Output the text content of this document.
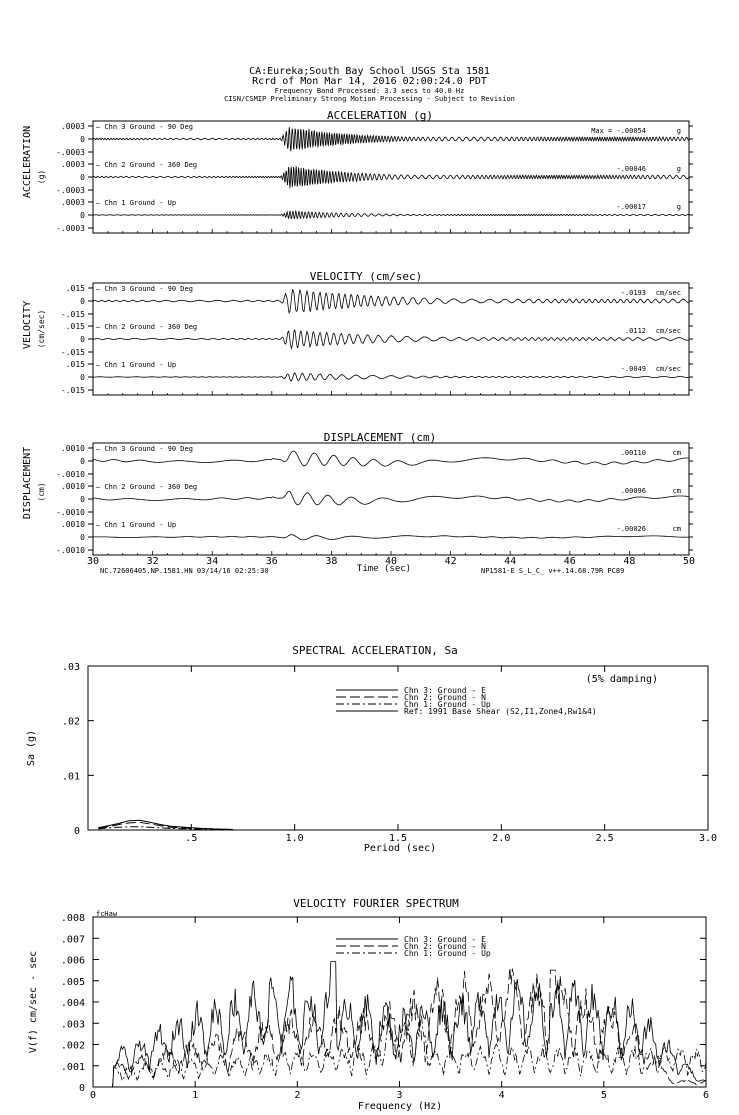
CA:Eureka;South Bay School USGS Sta 1581
Rcrd of Mon Mar 14, 2016 02:00:24.0 PDT
Frequency Band Processed: 3.3 secs to 40.0 Hz
CISN/CSMIP Preliminary Strong Motion Processing - Subject to Revision
ACCELERATION (g)
ACCELERATION (g)
.0003
0
-.0003
— Chn 3 Ground - 90 Deg	Max = -.00054	g
.0003
0
-.0003
— Chn 2 Ground - 360 Deg	-.00046	g
.0003
0
-.0003
— Chn 1 Ground - Up	-.00017	g
VELOCITY (cm/sec)
VELOCITY (cm/sec)
.015
0
-.015
— Chn 3 Ground - 90 Deg	-.0193 cm/sec
.015
0
-.015
— Chn 2 Ground - 360 Deg	.0112 cm/sec
.015
0
-.015
— Chn 1 Ground - Up	-.0049 cm/sec
DISPLACEMENT (cm)
DISPLACEMENT (cm)
.0010
0
-.0010
— Chn 3 Ground - 90 Deg	.00110	cm
.0010
0
-.0010
— Chn 2 Ground - 360 Deg	.00096	cm
.0010
0
-.0010
— Chn 1 Ground - Up	-.00026	cm
30	32	34	36	38	40	42	44	46	48	50
Time (sec)
NC.72606405.NP.1581.HN 03/14/16 02:25:30	NP1581-E S_L_C_ v++.14.68.79R PC89
SPECTRAL ACCELERATION, Sa
Sa (g)
Period (sec)
(5% damping)
.5	1.0	1.5	2.0	2.5	3.0
.03
.02
.01
0
Chn 3: Ground - E
Chn 2: Ground - N
Chn 1: Ground - Up
Ref: 1991 Base Shear (S2,I1,Zone4,Rw1&4)
VELOCITY FOURIER SPECTRUM
V(f) cm/sec - sec
Frequency (Hz)
fcHaw
0	1	2	3	4	5	6
.008
.007
.006
.005
.004
.003
.002
.001
0
Chn 3: Ground - E
Chn 2: Ground - N
Chn 1: Ground - Up
